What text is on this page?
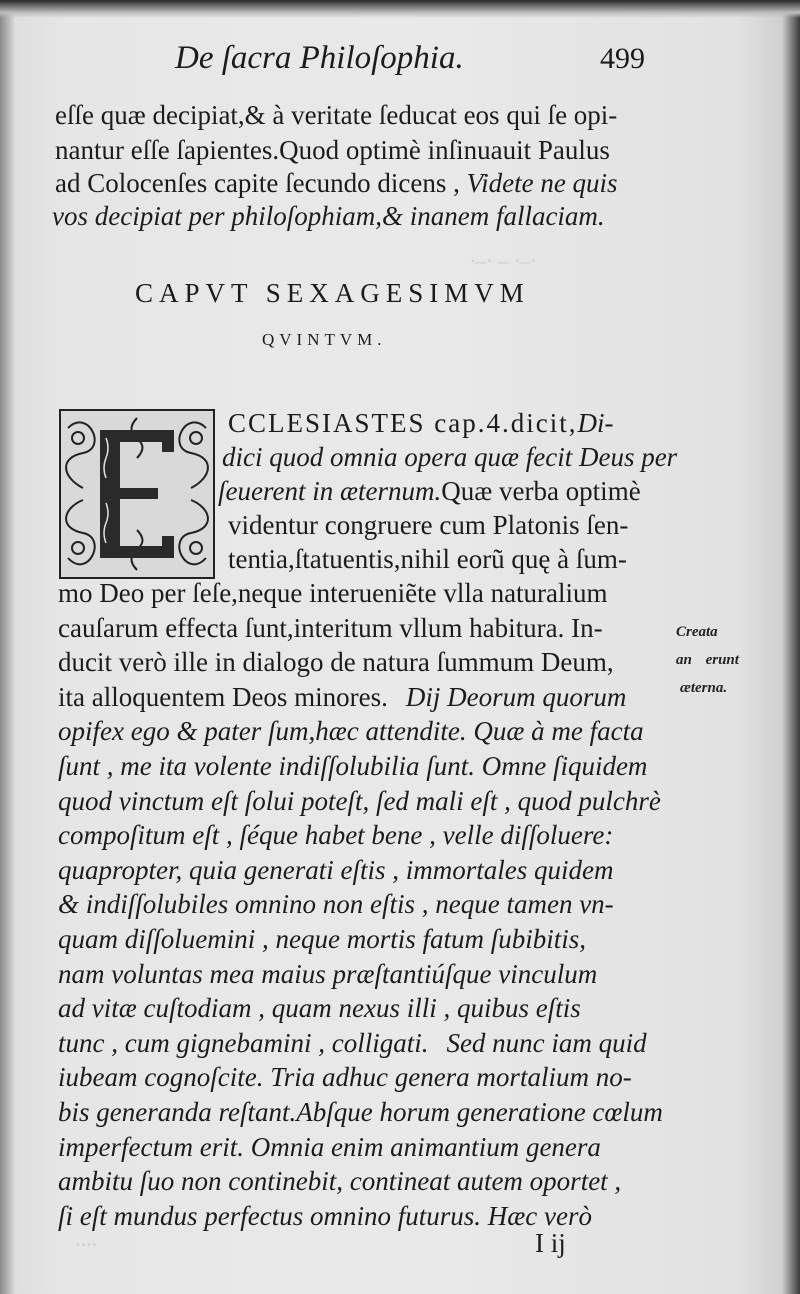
·–· – ·–·
····
De ſacra Philoſophia.	499
eſſe quæ decipiat,& à veritate ſeducat eos qui ſe opi-
nantur eſſe ſapientes.Quod optimè inſinuauit Paulus
ad Colocenſes capite ſecundo dicens , Videte ne quis
vos decipiat per philoſophiam,& inanem fallaciam.
CAPVT SEXAGESIMVM
QVINTVM.
CCLESIASTES cap.4.dicit,Di-
dici quod omnia opera quæ fecit Deus per
ſeuerent in æternum.Quæ verba optimè
videntur congruere cum Platonis ſen-
tentia,ſtatuentis,nihil eorũ quę à ſum-
mo Deo per ſeſe,neque interueniẽte vlla naturalium
cauſarum effecta ſunt,interitum vllum habitura. In-
ducit verò ille in dialogo de natura ſummum Deum,
ita alloquentem Deos minores. Dij Deorum quorum
opifex ego & pater ſum,hæc attendite. Quæ à me facta
ſunt , me ita volente indiſſolubilia ſunt. Omne ſiquidem
quod vinctum eſt ſolui poteſt, ſed mali eſt , quod pulchrè
compoſitum eſt , ſéque habet bene , velle diſſoluere:
quapropter, quia generati eſtis , immortales quidem
& indiſſolubiles omnino non eſtis , neque tamen vn-
quam diſſoluemini , neque mortis fatum ſubibitis,
nam voluntas mea maius præſtantiúſque vinculum
ad vitæ cuſtodiam , quam nexus illi , quibus eſtis
tunc , cum gignebamini , colligati. Sed nunc iam quid
iubeam cognoſcite. Tria adhuc genera mortalium no-
bis generanda reſtant.Abſque horum generatione cœlum
imperfectum erit. Omnia enim animantium genera
ambitu ſuo non continebit, contineat autem oportet ,
ſi eſt mundus perfectus omnino futurus. Hæc verò
Creata
an erunt
æterna.
I ij
